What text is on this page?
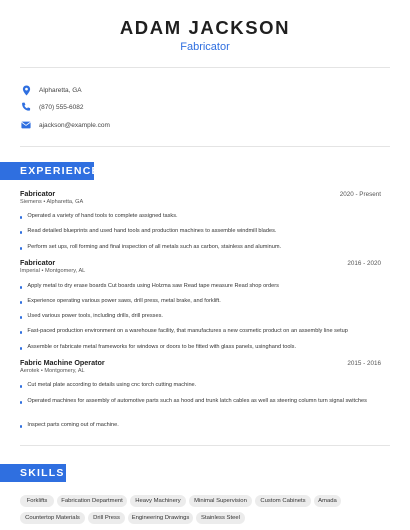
ADAM JACKSON
Fabricator
Alpharetta, GA
(870) 555-6082
ajackson@example.com
EXPERIENCE
Fabricator	2020 - Present
Siemens • Alpharetta, GA
Operated a variety of hand tools to complete assigned tasks.
Read detailed blueprints and used hand tools and production machines to assemble windmill blades.
Perform set ups, roll forming and final inspection of all metals such as carbon, stainless and aluminum.
Fabricator	2016 - 2020
Imperial • Montgomery, AL
Apply metal to dry erase boards Cut boards using Holzma saw Read tape measure Read shop orders
Experience operating various power saws, drill press, metal brake, and forklift.
Used various power tools, including drills, drill presses.
Fast-paced production environment on a warehouse facility, that manufactures a new cosmetic product on an assembly line setup
Assemble or fabricate metal frameworks for windows or doors to be fitted with glass panels, usinghand tools.
Fabric Machine Operator	2015 - 2016
Aerotek • Montgomery, AL
Cut metal plate according to details using cnc torch cutting machine.
Operated machines for assembly of automotive parts such as hood and trunk latch cables as well as steering column turn signal switches
Inspect parts coming out of machine.
SKILLS
Forklifts	Fabrication Department	Heavy Machinery	Minimal Supervision	Custom Cabinets	Amada
Countertop Materials	Drill Press	Engineering Drawings	Stainless Steel
